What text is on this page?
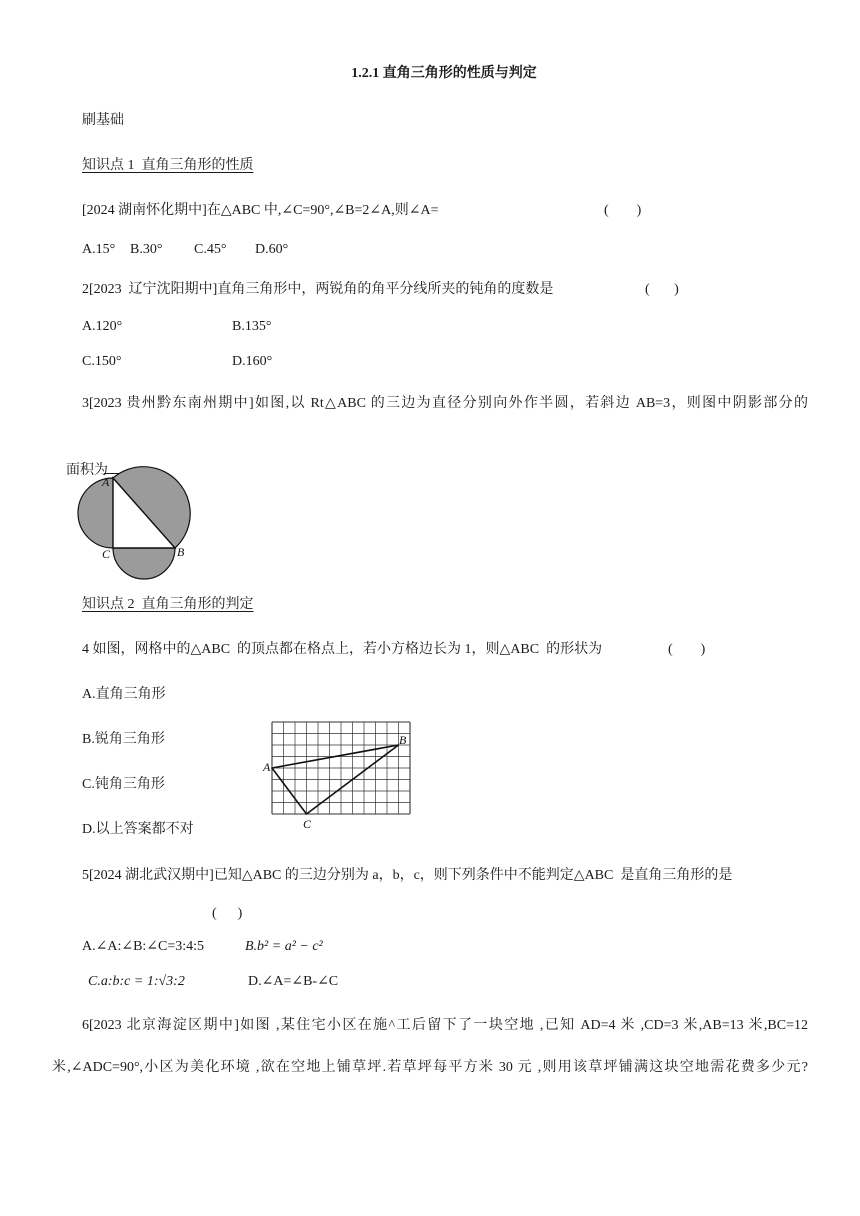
1.2.1 直角三角形的性质与判定
刷基础
知识点 1  直角三角形的性质
[2024 湖南怀化期中]在△ABC 中,∠C=90°,∠B=2∠A,则∠A=	(        )
A.15° B.30° C.45° D.60°
2[2023  辽宁沈阳期中]直角三角形中，两锐角的角平分线所夹的钝角的度数是	(       )
A.120°	B.135°
C.150°	D.160°
3[2023 贵州黔东南州期中]如图,以 Rt△ABC 的三边为直径分别向外作半圆，若斜边 AB=3，则图中阴影部分的

面积为

A
C	B
知识点 2  直角三角形的判定
4 如图，网格中的△ABC  的顶点都在格点上，若小方格边长为 1，则△ABC  的形状为	(        )
A.直角三角形
B.锐角三角形
C.钝角三角形
D.以上答案都不对
A
B
C
5[2024 湖北武汉期中]已知△ABC 的三边分别为 a，b，c，则下列条件中不能判定△ABC  是直角三角形的是
(      )
A.∠A:∠B:∠C=3:4:5	B.b² = a² − c²
C.a:b:c = 1:√3:2	D.∠A=∠B-∠C
6[2023 北京海淀区期中]如图 ,某住宅小区在施^工后留下了一块空地 ,已知 AD=4 米 ,CD=3 米,AB=13 米,BC=12
米,∠ADC=90°,小区为美化环境 ,欲在空地上铺草坪.若草坪每平方米 30 元 ,则用该草坪铺满这块空地需花费多少元?
